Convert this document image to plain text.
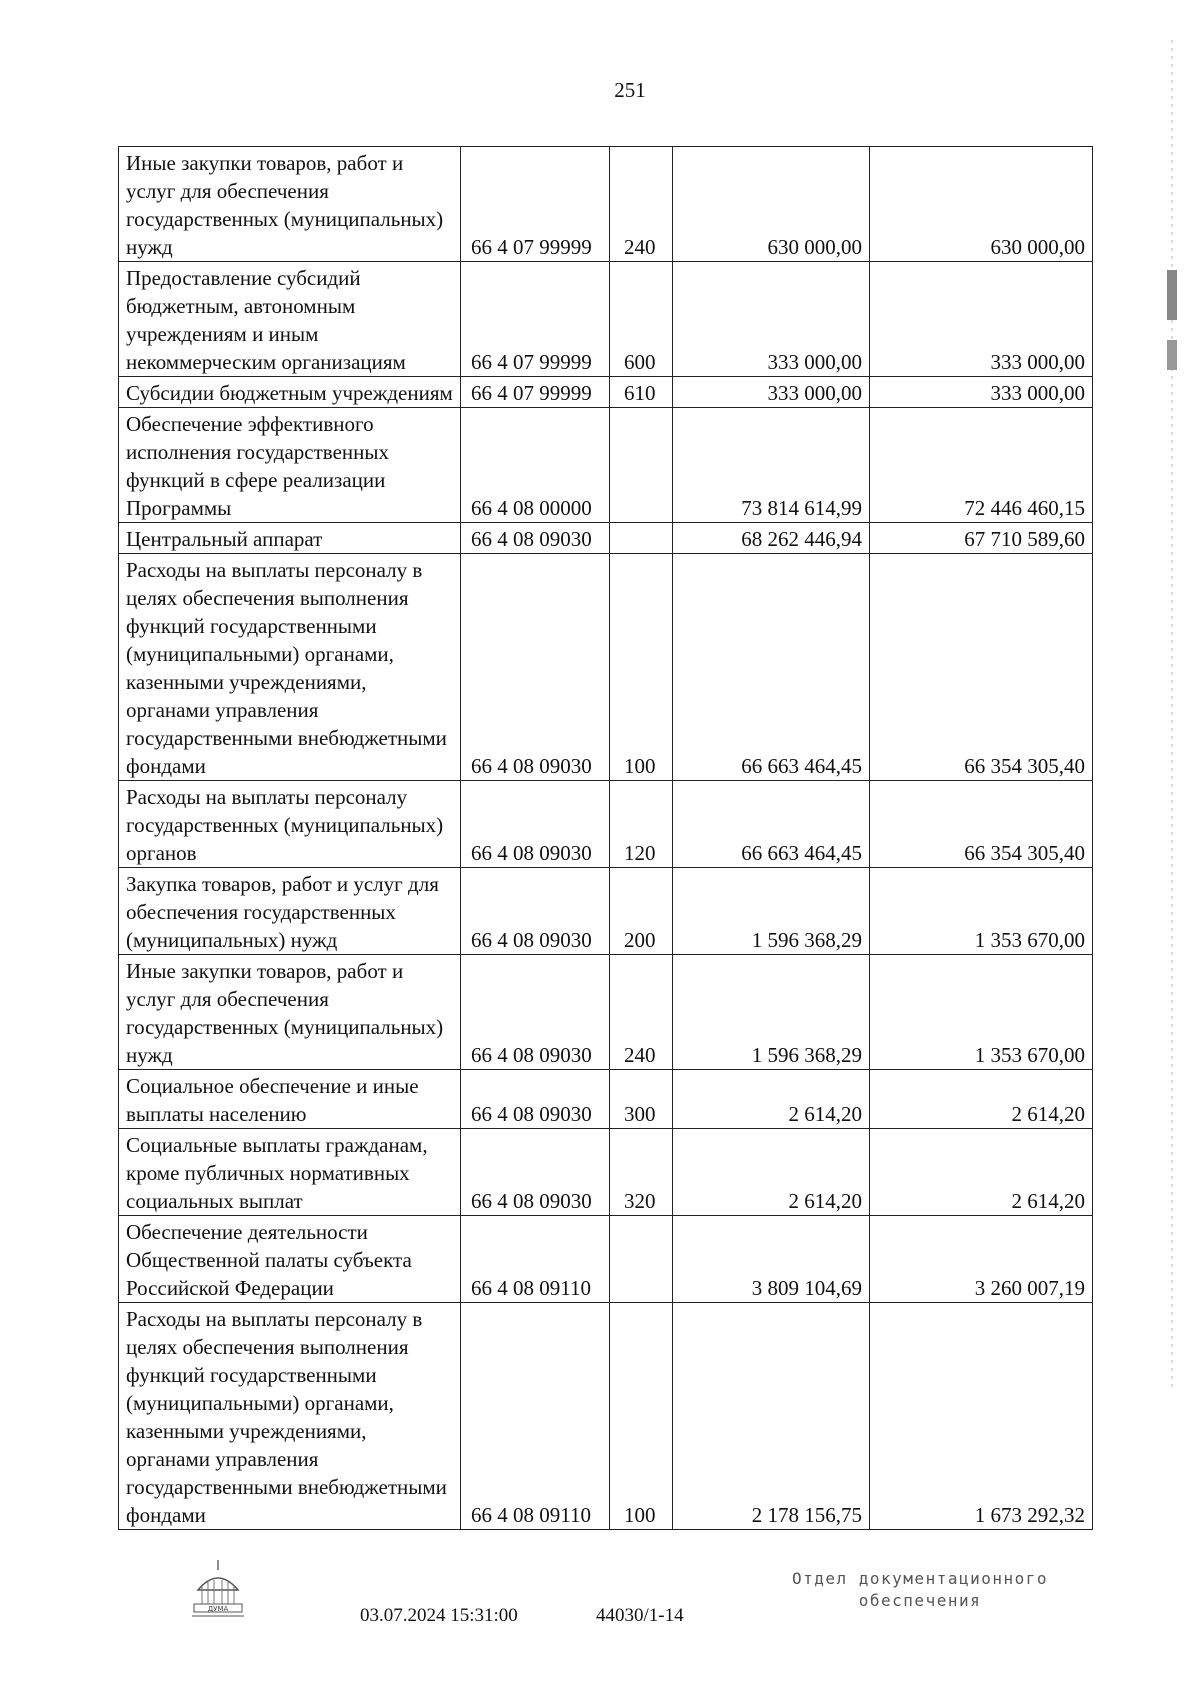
251
Иные закупки товаров, работ и услуг для обеспечения государственных (муниципальных) нужд	66 4 07 99999	240	630 000,00	630 000,00
Предоставление субсидий бюджетным, автономным учреждениям и иным некоммерческим организациям	66 4 07 99999	600	333 000,00	333 000,00
Субсидии бюджетным учреждениям	66 4 07 99999	610	333 000,00	333 000,00
Обеспечение эффективного исполнения государственных функций в сфере реализации Программы	66 4 08 00000		73 814 614,99	72 446 460,15
Центральный аппарат	66 4 08 09030		68 262 446,94	67 710 589,60
Расходы на выплаты персоналу в целях обеспечения выполнения функций государственными (муниципальными) органами, казенными учреждениями, органами управления государственными внебюджетными фондами	66 4 08 09030	100	66 663 464,45	66 354 305,40
Расходы на выплаты персоналу государственных (муниципальных) органов	66 4 08 09030	120	66 663 464,45	66 354 305,40
Закупка товаров, работ и услуг для обеспечения государственных (муниципальных) нужд	66 4 08 09030	200	1 596 368,29	1 353 670,00
Иные закупки товаров, работ и услуг для обеспечения государственных (муниципальных) нужд	66 4 08 09030	240	1 596 368,29	1 353 670,00
Социальное обеспечение и иные выплаты населению	66 4 08 09030	300	2 614,20	2 614,20
Социальные выплаты гражданам, кроме публичных нормативных социальных выплат	66 4 08 09030	320	2 614,20	2 614,20
Обеспечение деятельности Общественной палаты субъекта Российской Федерации	66 4 08 09110		3 809 104,69	3 260 007,19
Расходы на выплаты персоналу в целях обеспечения выполнения функций государственными (муниципальными) органами, казенными учреждениями, органами управления государственными внебюджетными фондами	66 4 08 09110	100	2 178 156,75	1 673 292,32
ДУМА	03.07.2024 15:31:00	44030/1-14
Отдел документационного
обеспечения
